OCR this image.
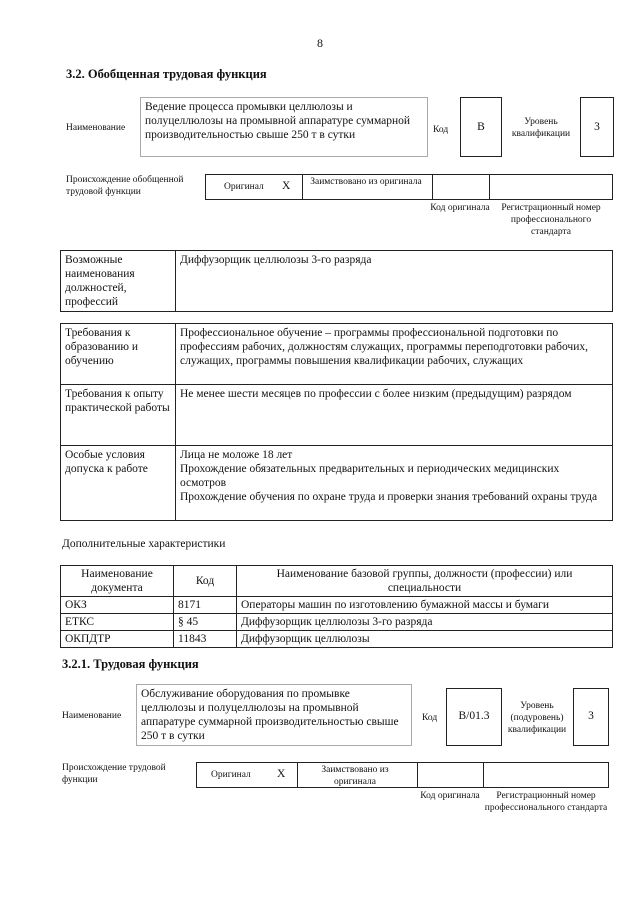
8
3.2. Обобщенная трудовая функция
Наименование
Ведение процесса промывки целлюлозы и полуцеллюлозы на промывной аппаратуре суммарной производительностью свыше 250 т в сутки	Код	В	Уровень квалификации
3
Происхождение обобщенной трудовой функции	Оригинал X	Заимствовано из оригинала
Код оригинала	Регистрационный номер профессионального стандарта
Возможные наименования должностей, профессий	Диффузорщик целлюлозы 3-го разряда
Требования к образованию и обучению	Профессиональное обучение – программы профессиональной подготовки по профессиям рабочих, должностям служащих, программы переподготовки рабочих, служащих, программы повышения квалификации рабочих, служащих
Требования к опыту практической работы	Не менее шести месяцев по профессии с более низким (предыдущим) разрядом
Особые условия допуска к работе	Лица не моложе 18 лет
Прохождение обязательных предварительных и периодических медицинских осмотров
Прохождение обучения по охране труда и проверки знания требований охраны труда
Дополнительные характеристики
Наименование документа	Код	Наименование базовой группы, должности (профессии) или специальности
ОКЗ	8171	Операторы машин по изготовлению бумажной массы и бумаги
ЕТКС	§ 45	Диффузорщик целлюлозы 3-го разряда
ОКПДТР	11843	Диффузорщик целлюлозы
3.2.1. Трудовая функция
Наименование
Обслуживание оборудования по промывке целлюлозы и полуцеллюлозы на промывной аппаратуре суммарной производительностью свыше 250 т в сутки
Код	В/01.3
Уровень (подуровень) квалификации
3
Происхождение трудовой функции	Оригинал X	Заимствовано из оригинала
Код оригинала	Регистрационный номер профессионального стандарта
